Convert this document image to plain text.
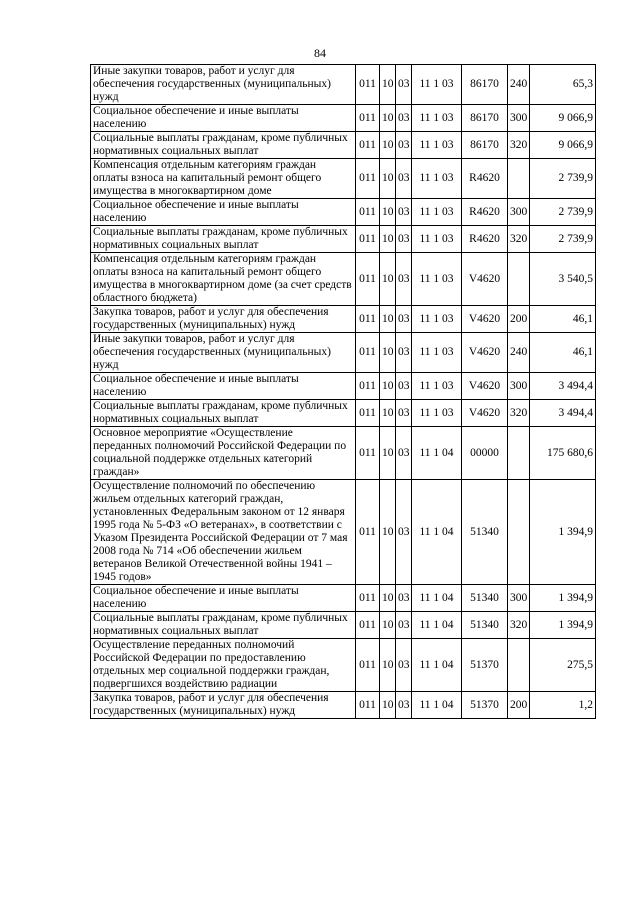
84
Иные закупки товаров, работ и услуг для обеспечения государственных (муниципальных) нужд	011	10	03	11 1 03	86170	240	65,3
Социальное обеспечение и иные выплаты населению	011	10	03	11 1 03	86170	300	9 066,9
Социальные выплаты гражданам, кроме публичных нормативных социальных выплат	011	10	03	11 1 03	86170	320	9 066,9
Компенсация отдельным категориям граждан оплаты взноса на капитальный ремонт общего имущества в многоквартирном доме	011	10	03	11 1 03	R4620		2 739,9
Социальное обеспечение и иные выплаты населению	011	10	03	11 1 03	R4620	300	2 739,9
Социальные выплаты гражданам, кроме публичных нормативных социальных выплат	011	10	03	11 1 03	R4620	320	2 739,9
Компенсация отдельным категориям граждан оплаты взноса на капитальный ремонт общего имущества в многоквартирном доме (за счет средств областного бюджета)	011	10	03	11 1 03	V4620		3 540,5
Закупка товаров, работ и услуг для обеспечения государственных (муниципальных) нужд	011	10	03	11 1 03	V4620	200	46,1
Иные закупки товаров, работ и услуг для обеспечения государственных (муниципальных) нужд	011	10	03	11 1 03	V4620	240	46,1
Социальное обеспечение и иные выплаты населению	011	10	03	11 1 03	V4620	300	3 494,4
Социальные выплаты гражданам, кроме публичных нормативных социальных выплат	011	10	03	11 1 03	V4620	320	3 494,4
Основное мероприятие «Осуществление переданных полномочий Российской Федерации по социальной поддержке отдельных категорий граждан»	011	10	03	11 1 04	00000		175 680,6
Осуществление полномочий по обеспечению жильем отдельных категорий граждан, установленных Федеральным законом от 12 января 1995 года № 5-ФЗ «О ветеранах», в соответствии с Указом Президента Российской Федерации от 7 мая 2008 года № 714 «Об обеспечении жильем ветеранов Великой Отечественной войны 1941 – 1945 годов»	011	10	03	11 1 04	51340		1 394,9
Социальное обеспечение и иные выплаты населению	011	10	03	11 1 04	51340	300	1 394,9
Социальные выплаты гражданам, кроме публичных нормативных социальных выплат	011	10	03	11 1 04	51340	320	1 394,9
Осуществление переданных полномочий Российской Федерации по предоставлению отдельных мер социальной поддержки граждан, подвергшихся воздействию радиации	011	10	03	11 1 04	51370		275,5
Закупка товаров, работ и услуг для обеспечения государственных (муниципальных) нужд	011	10	03	11 1 04	51370	200	1,2
